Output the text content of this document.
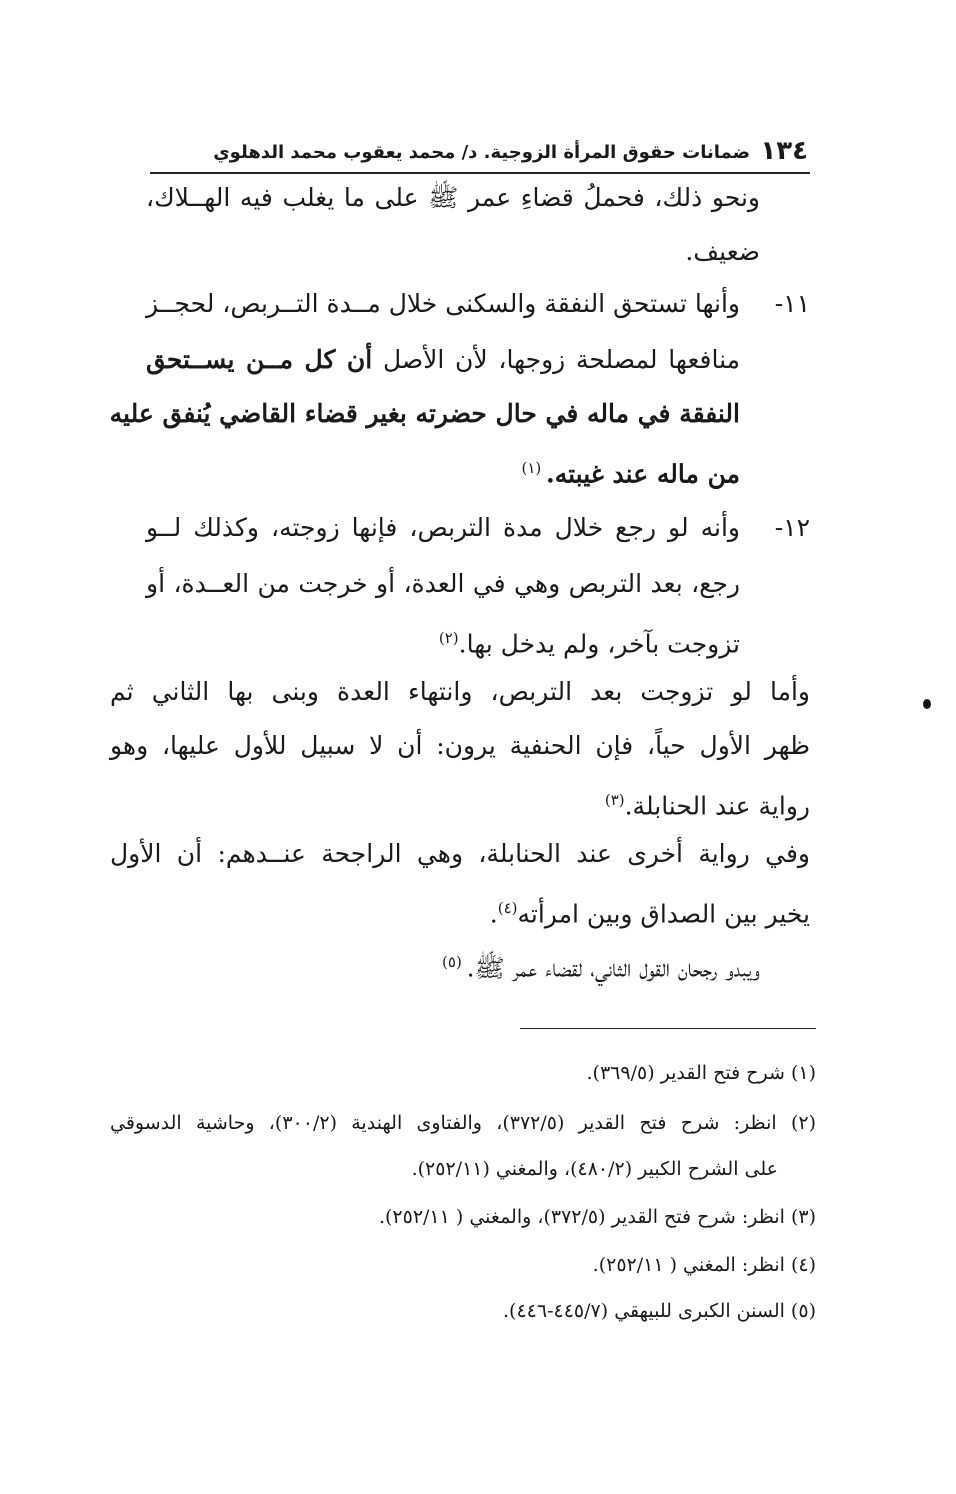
١٣٤
ضمانات حقوق المرأة الزوجية. د/ محمد يعقوب محمد الدهلوي
ونحو ذلك، فحملُ قضاءِ عمر ﷺ على ما يغلب فيه الهــلاك،
ضعيف.
١١-
وأنها تستحق النفقة والسكنى خلال مــدة التــربص، لحجــز
منافعها لمصلحة زوجها، لأن الأصل أن كل مــن يســتحق
النفقة في ماله في حال حضرته بغير قضاء القاضي يُنفق عليه
من ماله عند غيبته. $^{(١)}$
١٢-
وأنه لو رجع خلال مدة التربص، فإنها زوجته، وكذلك لــو
رجع، بعد التربص وهي في العدة، أو خرجت من العــدة، أو
تزوجت بآخر، ولم يدخل بها.$^{(٢)}$
وأما لو تزوجت بعد التربص، وانتهاء العدة وبنى بها الثاني ثم
ظهر الأول حياً، فإن الحنفية يرون: أن لا سبيل للأول عليها، وهو
رواية عند الحنابلة.$^{(٣)}$
وفي رواية أخرى عند الحنابلة، وهي الراجحة عنــدهم: أن الأول
يخير بين الصداق وبين امرأته$^{(٤)}$.
ويبدو رجحان القول الثاني، لقضاء عمر ﷺ. $^{(٥)}$
(١) شرح فتح القدير (٣٦٩/٥).
(٢) انظر: شرح فتح القدير (٣٧٢/٥)، والفتاوى الهندية (٣٠٠/٢)، وحاشية الدسوقي
على الشرح الكبير (٤٨٠/٢)، والمغني (٢٥٢/١١).
(٣) انظر: شرح فتح القدير (٣٧٢/٥)، والمغني ( ٢٥٢/١١).
(٤) انظر: المغني ( ٢٥٢/١١).
(٥) السنن الكبرى للبيهقي (٤٤٥/٧-٤٤٦).
